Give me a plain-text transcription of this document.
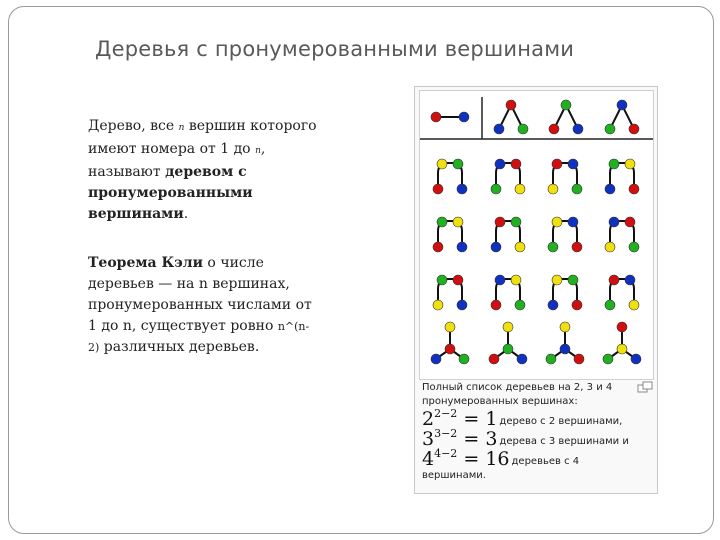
Деревья с пронумерованными вершинами
Дерево, все n вершин которого имеют номера от 1 до n, называют деревом с пронумерованными вершинами.
Теорема Кэли о числе деревьев — на n вершинах, пронумерованных числами от 1 до n, существует ровно n^(n-2) различных деревьев.
Полный список деревьев на 2, 3 и 4
пронумерованных вершинах:
$2^{2-2} = 1$ дерево с 2 вершинами,
$3^{3-2} = 3$ дерева с 3 вершинами и
$4^{4-2} = 16$ деревьев с 4
вершинами.
